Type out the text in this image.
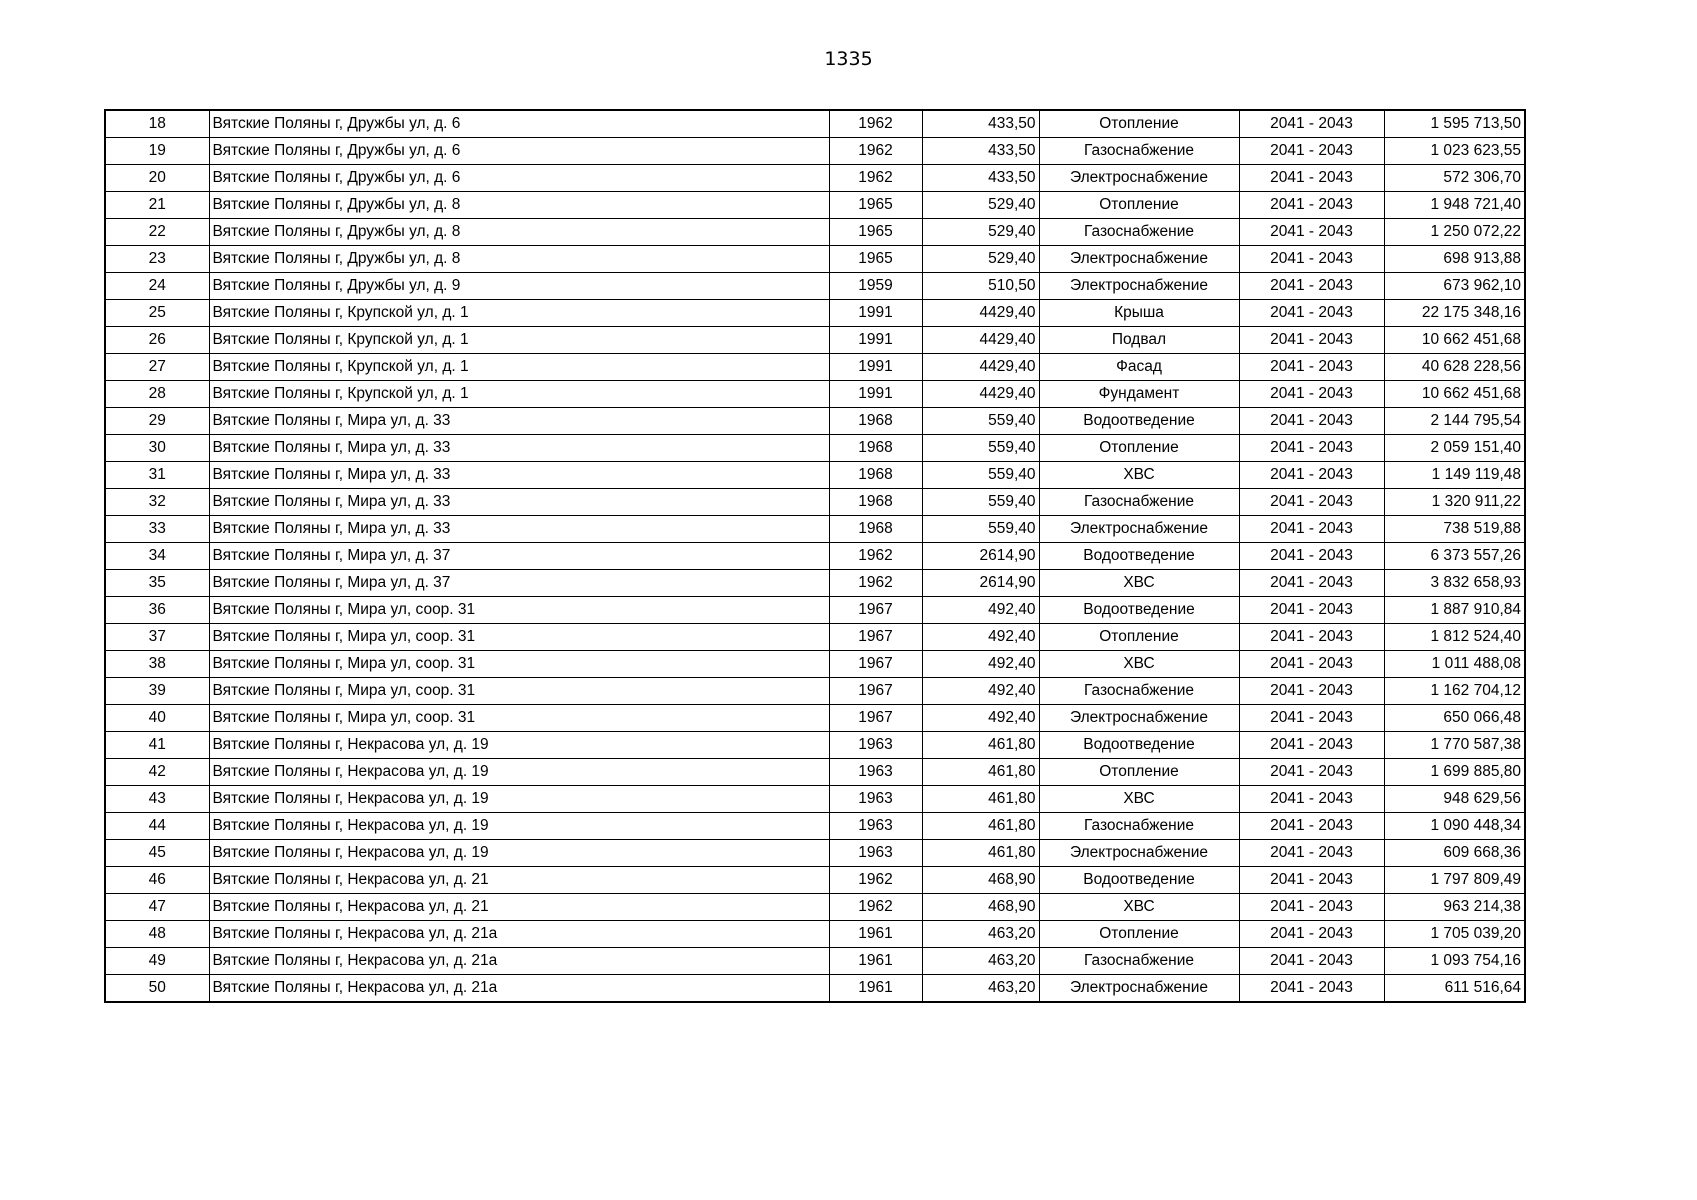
1335
18	Вятские Поляны г, Дружбы ул, д. 6	1962	433,50	Отопление	2041 - 2043	1 595 713,50
19	Вятские Поляны г, Дружбы ул, д. 6	1962	433,50	Газоснабжение	2041 - 2043	1 023 623,55
20	Вятские Поляны г, Дружбы ул, д. 6	1962	433,50	Электроснабжение	2041 - 2043	572 306,70
21	Вятские Поляны г, Дружбы ул, д. 8	1965	529,40	Отопление	2041 - 2043	1 948 721,40
22	Вятские Поляны г, Дружбы ул, д. 8	1965	529,40	Газоснабжение	2041 - 2043	1 250 072,22
23	Вятские Поляны г, Дружбы ул, д. 8	1965	529,40	Электроснабжение	2041 - 2043	698 913,88
24	Вятские Поляны г, Дружбы ул, д. 9	1959	510,50	Электроснабжение	2041 - 2043	673 962,10
25	Вятские Поляны г, Крупской ул, д. 1	1991	4429,40	Крыша	2041 - 2043	22 175 348,16
26	Вятские Поляны г, Крупской ул, д. 1	1991	4429,40	Подвал	2041 - 2043	10 662 451,68
27	Вятские Поляны г, Крупской ул, д. 1	1991	4429,40	Фасад	2041 - 2043	40 628 228,56
28	Вятские Поляны г, Крупской ул, д. 1	1991	4429,40	Фундамент	2041 - 2043	10 662 451,68
29	Вятские Поляны г, Мира ул, д. 33	1968	559,40	Водоотведение	2041 - 2043	2 144 795,54
30	Вятские Поляны г, Мира ул, д. 33	1968	559,40	Отопление	2041 - 2043	2 059 151,40
31	Вятские Поляны г, Мира ул, д. 33	1968	559,40	ХВС	2041 - 2043	1 149 119,48
32	Вятские Поляны г, Мира ул, д. 33	1968	559,40	Газоснабжение	2041 - 2043	1 320 911,22
33	Вятские Поляны г, Мира ул, д. 33	1968	559,40	Электроснабжение	2041 - 2043	738 519,88
34	Вятские Поляны г, Мира ул, д. 37	1962	2614,90	Водоотведение	2041 - 2043	6 373 557,26
35	Вятские Поляны г, Мира ул, д. 37	1962	2614,90	ХВС	2041 - 2043	3 832 658,93
36	Вятские Поляны г, Мира ул, соор. 31	1967	492,40	Водоотведение	2041 - 2043	1 887 910,84
37	Вятские Поляны г, Мира ул, соор. 31	1967	492,40	Отопление	2041 - 2043	1 812 524,40
38	Вятские Поляны г, Мира ул, соор. 31	1967	492,40	ХВС	2041 - 2043	1 011 488,08
39	Вятские Поляны г, Мира ул, соор. 31	1967	492,40	Газоснабжение	2041 - 2043	1 162 704,12
40	Вятские Поляны г, Мира ул, соор. 31	1967	492,40	Электроснабжение	2041 - 2043	650 066,48
41	Вятские Поляны г, Некрасова ул, д. 19	1963	461,80	Водоотведение	2041 - 2043	1 770 587,38
42	Вятские Поляны г, Некрасова ул, д. 19	1963	461,80	Отопление	2041 - 2043	1 699 885,80
43	Вятские Поляны г, Некрасова ул, д. 19	1963	461,80	ХВС	2041 - 2043	948 629,56
44	Вятские Поляны г, Некрасова ул, д. 19	1963	461,80	Газоснабжение	2041 - 2043	1 090 448,34
45	Вятские Поляны г, Некрасова ул, д. 19	1963	461,80	Электроснабжение	2041 - 2043	609 668,36
46	Вятские Поляны г, Некрасова ул, д. 21	1962	468,90	Водоотведение	2041 - 2043	1 797 809,49
47	Вятские Поляны г, Некрасова ул, д. 21	1962	468,90	ХВС	2041 - 2043	963 214,38
48	Вятские Поляны г, Некрасова ул, д. 21а	1961	463,20	Отопление	2041 - 2043	1 705 039,20
49	Вятские Поляны г, Некрасова ул, д. 21а	1961	463,20	Газоснабжение	2041 - 2043	1 093 754,16
50	Вятские Поляны г, Некрасова ул, д. 21а	1961	463,20	Электроснабжение	2041 - 2043	611 516,64
